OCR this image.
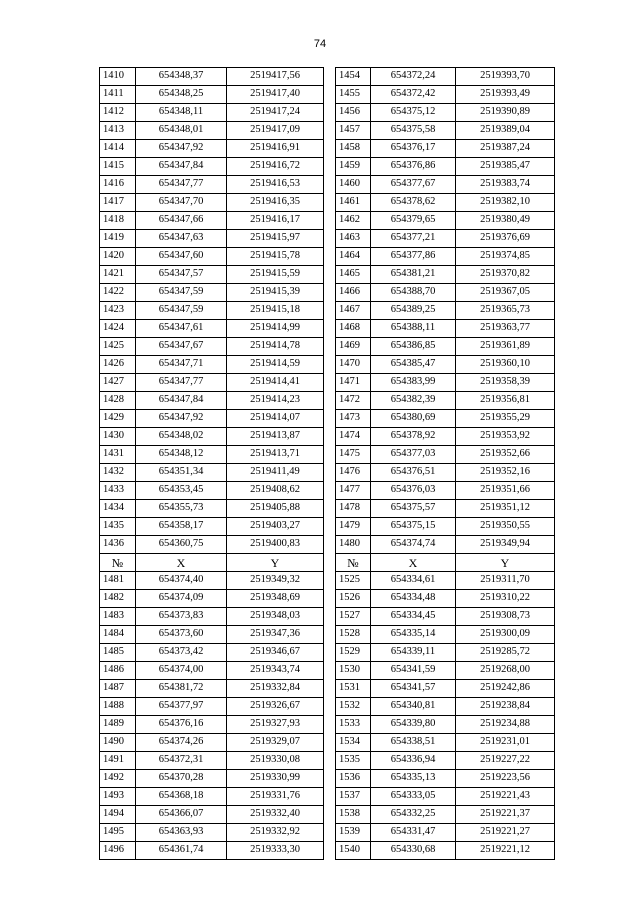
74
1410	654348,37	2519417,56		1454	654372,24	2519393,70
1411	654348,25	2519417,40		1455	654372,42	2519393,49
1412	654348,11	2519417,24		1456	654375,12	2519390,89
1413	654348,01	2519417,09		1457	654375,58	2519389,04
1414	654347,92	2519416,91		1458	654376,17	2519387,24
1415	654347,84	2519416,72		1459	654376,86	2519385,47
1416	654347,77	2519416,53		1460	654377,67	2519383,74
1417	654347,70	2519416,35		1461	654378,62	2519382,10
1418	654347,66	2519416,17		1462	654379,65	2519380,49
1419	654347,63	2519415,97		1463	654377,21	2519376,69
1420	654347,60	2519415,78		1464	654377,86	2519374,85
1421	654347,57	2519415,59		1465	654381,21	2519370,82
1422	654347,59	2519415,39		1466	654388,70	2519367,05
1423	654347,59	2519415,18		1467	654389,25	2519365,73
1424	654347,61	2519414,99		1468	654388,11	2519363,77
1425	654347,67	2519414,78		1469	654386,85	2519361,89
1426	654347,71	2519414,59		1470	654385,47	2519360,10
1427	654347,77	2519414,41		1471	654383,99	2519358,39
1428	654347,84	2519414,23		1472	654382,39	2519356,81
1429	654347,92	2519414,07		1473	654380,69	2519355,29
1430	654348,02	2519413,87		1474	654378,92	2519353,92
1431	654348,12	2519413,71		1475	654377,03	2519352,66
1432	654351,34	2519411,49		1476	654376,51	2519352,16
1433	654353,45	2519408,62		1477	654376,03	2519351,66
1434	654355,73	2519405,88		1478	654375,57	2519351,12
1435	654358,17	2519403,27		1479	654375,15	2519350,55
1436	654360,75	2519400,83		1480	654374,74	2519349,94
№	X	Y		№	X	Y
1481	654374,40	2519349,32		1525	654334,61	2519311,70
1482	654374,09	2519348,69		1526	654334,48	2519310,22
1483	654373,83	2519348,03		1527	654334,45	2519308,73
1484	654373,60	2519347,36		1528	654335,14	2519300,09
1485	654373,42	2519346,67		1529	654339,11	2519285,72
1486	654374,00	2519343,74		1530	654341,59	2519268,00
1487	654381,72	2519332,84		1531	654341,57	2519242,86
1488	654377,97	2519326,67		1532	654340,81	2519238,84
1489	654376,16	2519327,93		1533	654339,80	2519234,88
1490	654374,26	2519329,07		1534	654338,51	2519231,01
1491	654372,31	2519330,08		1535	654336,94	2519227,22
1492	654370,28	2519330,99		1536	654335,13	2519223,56
1493	654368,18	2519331,76		1537	654333,05	2519221,43
1494	654366,07	2519332,40		1538	654332,25	2519221,37
1495	654363,93	2519332,92		1539	654331,47	2519221,27
1496	654361,74	2519333,30		1540	654330,68	2519221,12
